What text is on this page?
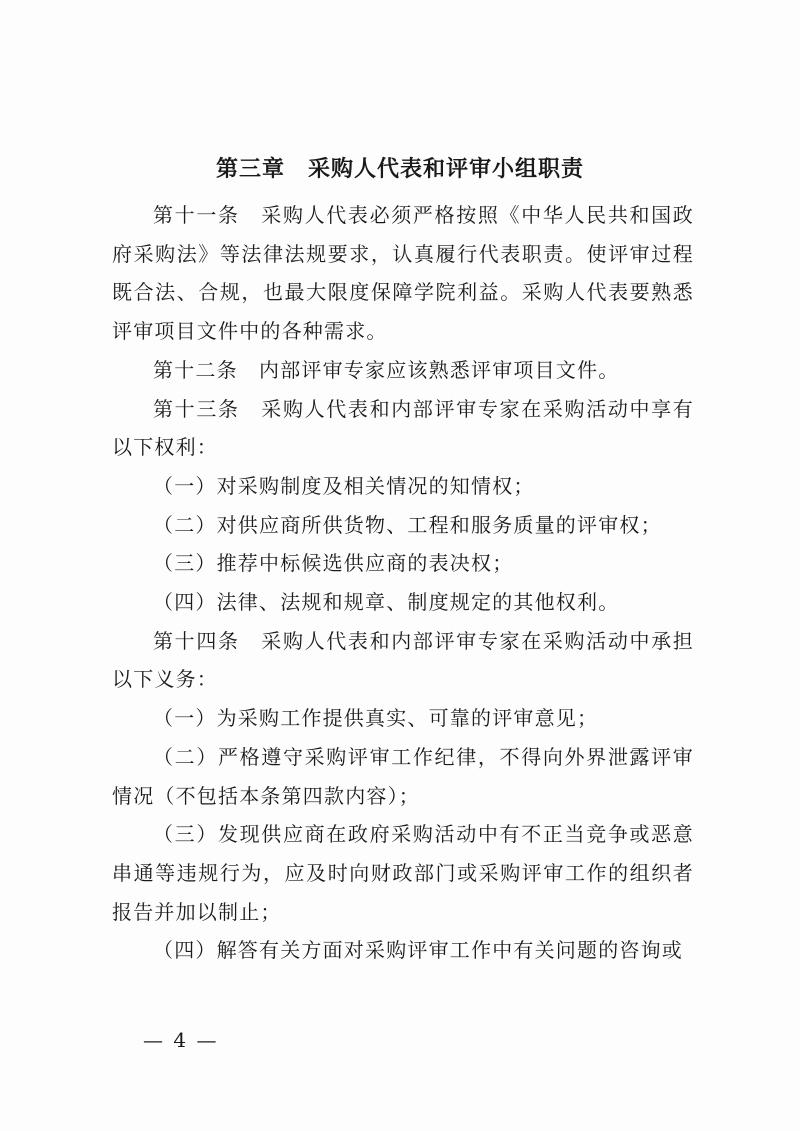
第三章　采购人代表和评审小组职责

第十一条　采购人代表必须严格按照《中华人民共和国政府采购法》等法律法规要求，认真履行代表职责。使评审过程既合法、合规，也最大限度保障学院利益。采购人代表要熟悉评审项目文件中的各种需求。

第十二条　内部评审专家应该熟悉评审项目文件。

第十三条　采购人代表和内部评审专家在采购活动中享有以下权利：

（一）对采购制度及相关情况的知情权；

（二）对供应商所供货物、工程和服务质量的评审权；

（三）推荐中标候选供应商的表决权；

（四）法律、法规和规章、制度规定的其他权利。

第十四条　采购人代表和内部评审专家在采购活动中承担以下义务：

（一）为采购工作提供真实、可靠的评审意见；

（二）严格遵守采购评审工作纪律，不得向外界泄露评审情况（不包括本条第四款内容）；

（三）发现供应商在政府采购活动中有不正当竞争或恶意串通等违规行为，应及时向财政部门或采购评审工作的组织者报告并加以制止；

（四）解答有关方面对采购评审工作中有关问题的咨询或

— 4 —
